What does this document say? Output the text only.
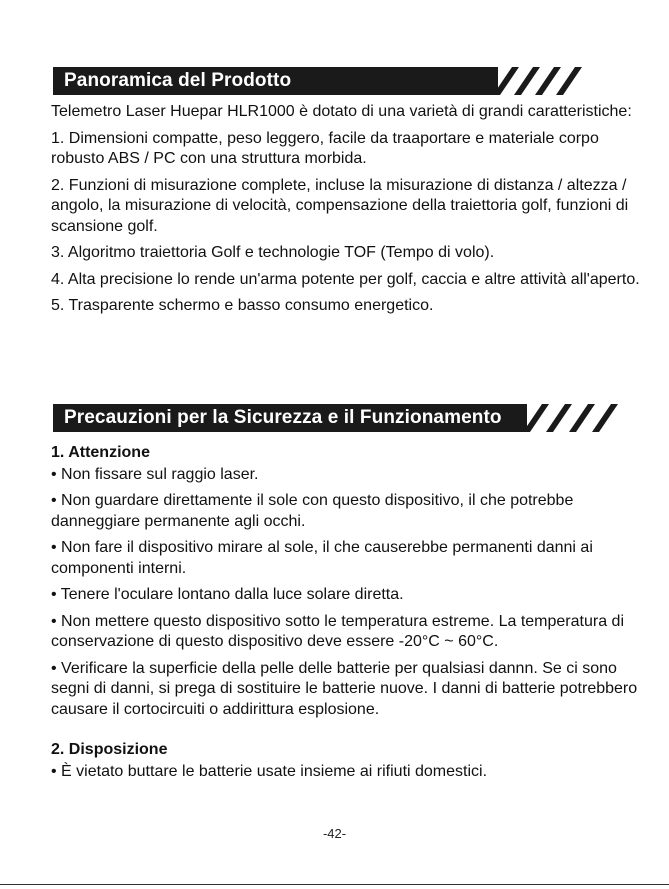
Panoramica del Prodotto

Telemetro Laser Huepar HLR1000 è dotato di una varietà di grandi caratteristiche:

1. Dimensioni compatte, peso leggero, facile da traaportare e materiale corpo robusto ABS / PC con una struttura morbida.

2. Funzioni di misurazione complete, incluse la misurazione di distanza / altezza / angolo, la misurazione di velocità, compensazione della traiettoria golf, funzioni di scansione golf.

3. Algoritmo traiettoria Golf e technologie TOF (Tempo di volo).

4. Alta precisione lo rende un'arma potente per golf, caccia e altre attività all'aperto.

5. Trasparente schermo e basso consumo energetico.

Precauzioni per la Sicurezza e il Funzionamento

1. Attenzione

• Non fissare sul raggio laser.

• Non guardare direttamente il sole con questo dispositivo, il che potrebbe danneggiare permanente agli occhi.

• Non fare il dispositivo mirare al sole, il che causerebbe permanenti danni ai componenti interni.

• Tenere l'oculare lontano dalla luce solare diretta.

• Non mettere questo dispositivo sotto le temperatura estreme. La temperatura di conservazione di questo dispositivo deve essere -20°C ~ 60°C.

• Verificare la superficie della pelle delle batterie per qualsiasi dannn. Se ci sono segni di danni, si prega di sostituire le batterie nuove. I danni di batterie potrebbero causare il cortocircuiti o addirittura esplosione.

2. Disposizione

• È vietato buttare le batterie usate insieme ai rifiuti domestici.

-42-
